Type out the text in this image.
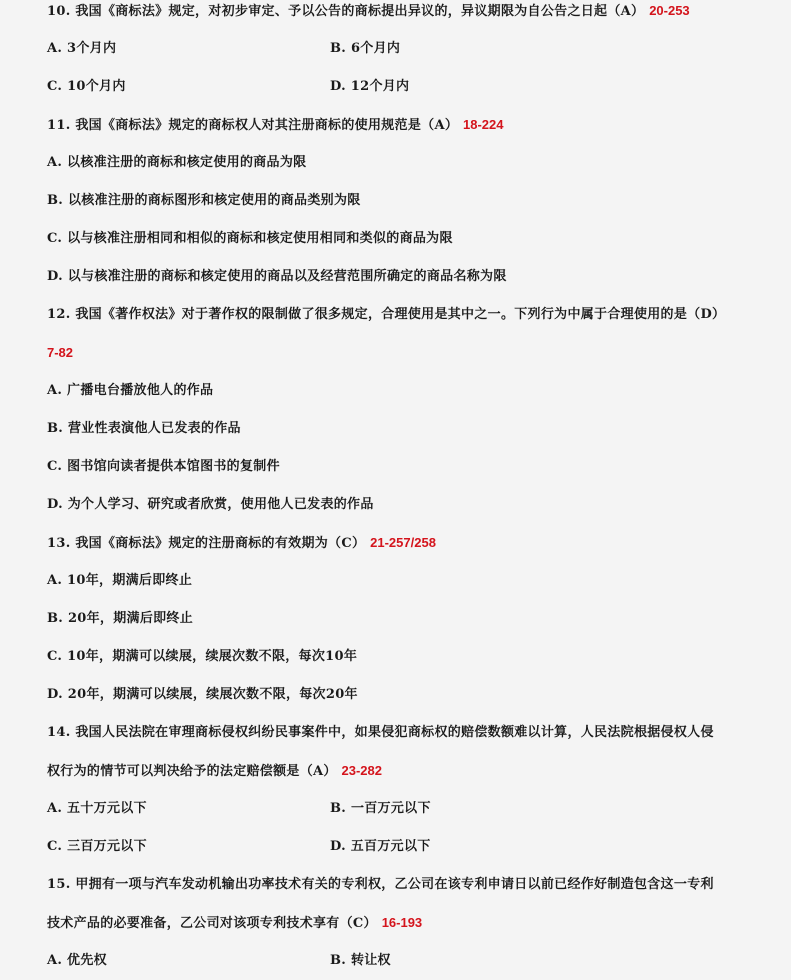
10. 我国《商标法》规定，对初步审定、予以公告的商标提出异议的，异议期限为自公告之日起（A） 20-253
A. 3个月内	B. 6个月内
C. 10个月内	D. 12个月内
11. 我国《商标法》规定的商标权人对其注册商标的使用规范是（A） 18-224
A. 以核准注册的商标和核定使用的商品为限
B. 以核准注册的商标图形和核定使用的商品类别为限
C. 以与核准注册相同和相似的商标和核定使用相同和类似的商品为限
D. 以与核准注册的商标和核定使用的商品以及经营范围所确定的商品名称为限
12. 我国《著作权法》对于著作权的限制做了很多规定，合理使用是其中之一。下列行为中属于合理使用的是（D）
7-82
A. 广播电台播放他人的作品
B. 营业性表演他人已发表的作品
C. 图书馆向读者提供本馆图书的复制件
D. 为个人学习、研究或者欣赏，使用他人已发表的作品
13. 我国《商标法》规定的注册商标的有效期为（C） 21-257/258
A. 10年，期满后即终止
B. 20年，期满后即终止
C. 10年，期满可以续展，续展次数不限，每次10年
D. 20年，期满可以续展，续展次数不限，每次20年
14. 我国人民法院在审理商标侵权纠纷民事案件中，如果侵犯商标权的赔偿数额难以计算，人民法院根据侵权人侵
权行为的情节可以判决给予的法定赔偿额是（A） 23-282
A. 五十万元以下	B. 一百万元以下
C. 三百万元以下	D. 五百万元以下
15. 甲拥有一项与汽车发动机输出功率技术有关的专利权，乙公司在该专利申请日以前已经作好制造包含这一专利
技术产品的必要准备，乙公司对该项专利技术享有（C） 16-193
A. 优先权	B. 转让权
